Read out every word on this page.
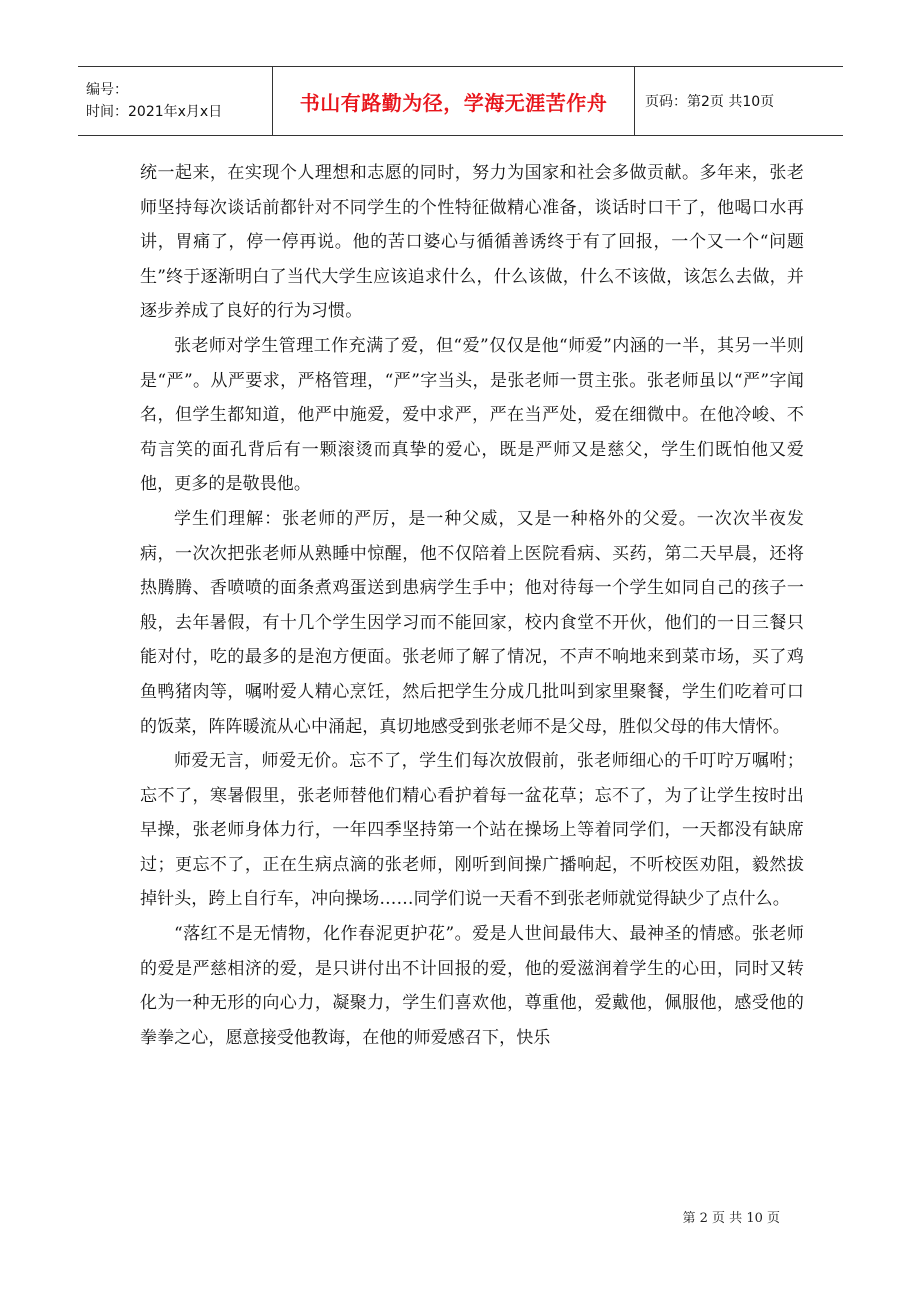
编号：
时间：2021年x月x日	书山有路勤为径，学海无涯苦作舟	页码：第2页 共10页

统一起来，在实现个人理想和志愿的同时，努力为国家和社会多做贡献。多年来，张老师坚持每次谈话前都针对不同学生的个性特征做精心准备，谈话时口干了，他喝口水再讲，胃痛了，停一停再说。他的苦口婆心与循循善诱终于有了回报，一个又一个“问题生”终于逐渐明白了当代大学生应该追求什么，什么该做，什么不该做，该怎么去做，并逐步养成了良好的行为习惯。

张老师对学生管理工作充满了爱，但“爱”仅仅是他“师爱”内涵的一半，其另一半则是“严”。从严要求，严格管理，“严”字当头，是张老师一贯主张。张老师虽以“严”字闻名，但学生都知道，他严中施爱，爱中求严，严在当严处，爱在细微中。在他冷峻、不苟言笑的面孔背后有一颗滚烫而真挚的爱心，既是严师又是慈父，学生们既怕他又爱他，更多的是敬畏他。

学生们理解：张老师的严厉，是一种父威，又是一种格外的父爱。一次次半夜发病，一次次把张老师从熟睡中惊醒，他不仅陪着上医院看病、买药，第二天早晨，还将热腾腾、香喷喷的面条煮鸡蛋送到患病学生手中；他对待每一个学生如同自己的孩子一般，去年暑假，有十几个学生因学习而不能回家，校内食堂不开伙，他们的一日三餐只能对付，吃的最多的是泡方便面。张老师了解了情况，不声不响地来到菜市场，买了鸡鱼鸭猪肉等，嘱咐爱人精心烹饪，然后把学生分成几批叫到家里聚餐，学生们吃着可口的饭菜，阵阵暖流从心中涌起，真切地感受到张老师不是父母，胜似父母的伟大情怀。

师爱无言，师爱无价。忘不了，学生们每次放假前，张老师细心的千叮咛万嘱咐；忘不了，寒暑假里，张老师替他们精心看护着每一盆花草；忘不了，为了让学生按时出早操，张老师身体力行，一年四季坚持第一个站在操场上等着同学们，一天都没有缺席过；更忘不了，正在生病点滴的张老师，刚听到间操广播响起，不听校医劝阻，毅然拔掉针头，跨上自行车，冲向操场……同学们说一天看不到张老师就觉得缺少了点什么。

“落红不是无情物，化作春泥更护花”。爱是人世间最伟大、最神圣的情感。张老师的爱是严慈相济的爱，是只讲付出不计回报的爱，他的爱滋润着学生的心田，同时又转化为一种无形的向心力，凝聚力，学生们喜欢他，尊重他，爱戴他，佩服他，感受他的拳拳之心，愿意接受他教诲，在他的师爱感召下，快乐

第 2 页 共 10 页
